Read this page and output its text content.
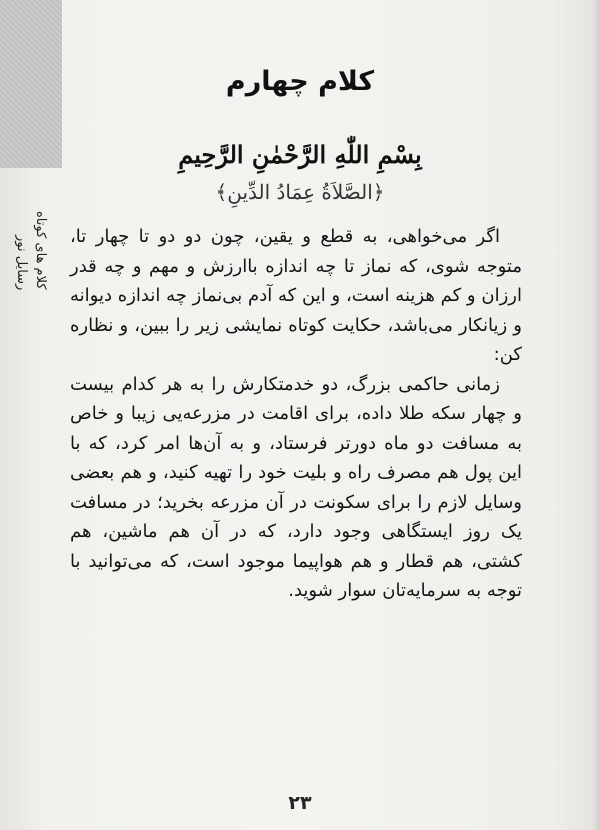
رسایل نور کلام های کوتاه
کلام چهارم
بِسْمِ اللّٰهِ الرَّحْمٰنِ الرَّحِيمِ
﴿الصَّلاَةُ عِمَادُ الدِّينِ﴾

اگر می‌خواهی، به قطع و یقین، چون دو دو تا چهار تا، متوجه شوی، که نماز تا چه اندازه باارزش و مهم و چه قدر ارزان و کم هزینه است، و این که آدم بی‌نماز چه اندازه دیوانه و زیانکار می‌باشد، حکایت کوتاه نمایشی زیر را ببین، و نظاره کن:

زمانی حاکمی بزرگ، دو خدمتکارش را به هر کدام بیست و چهار سکه طلا داده، برای اقامت در مزرعه‌یی زیبا و خاص به مسافت دو ماه دورتر فرستاد، و به آن‌ها امر کرد، که با این پول هم مصرف راه و بلیت خود را تهیه کنید، و هم بعضی وسایل لازم را برای سکونت در آن مزرعه بخرید؛ در مسافت یک روز ایستگاهی وجود دارد، که در آن هم ماشین، هم کشتی، هم قطار و هم هواپیما موجود است، که می‌توانید با توجه به سرمایه‌تان سوار شوید.

۲۳
